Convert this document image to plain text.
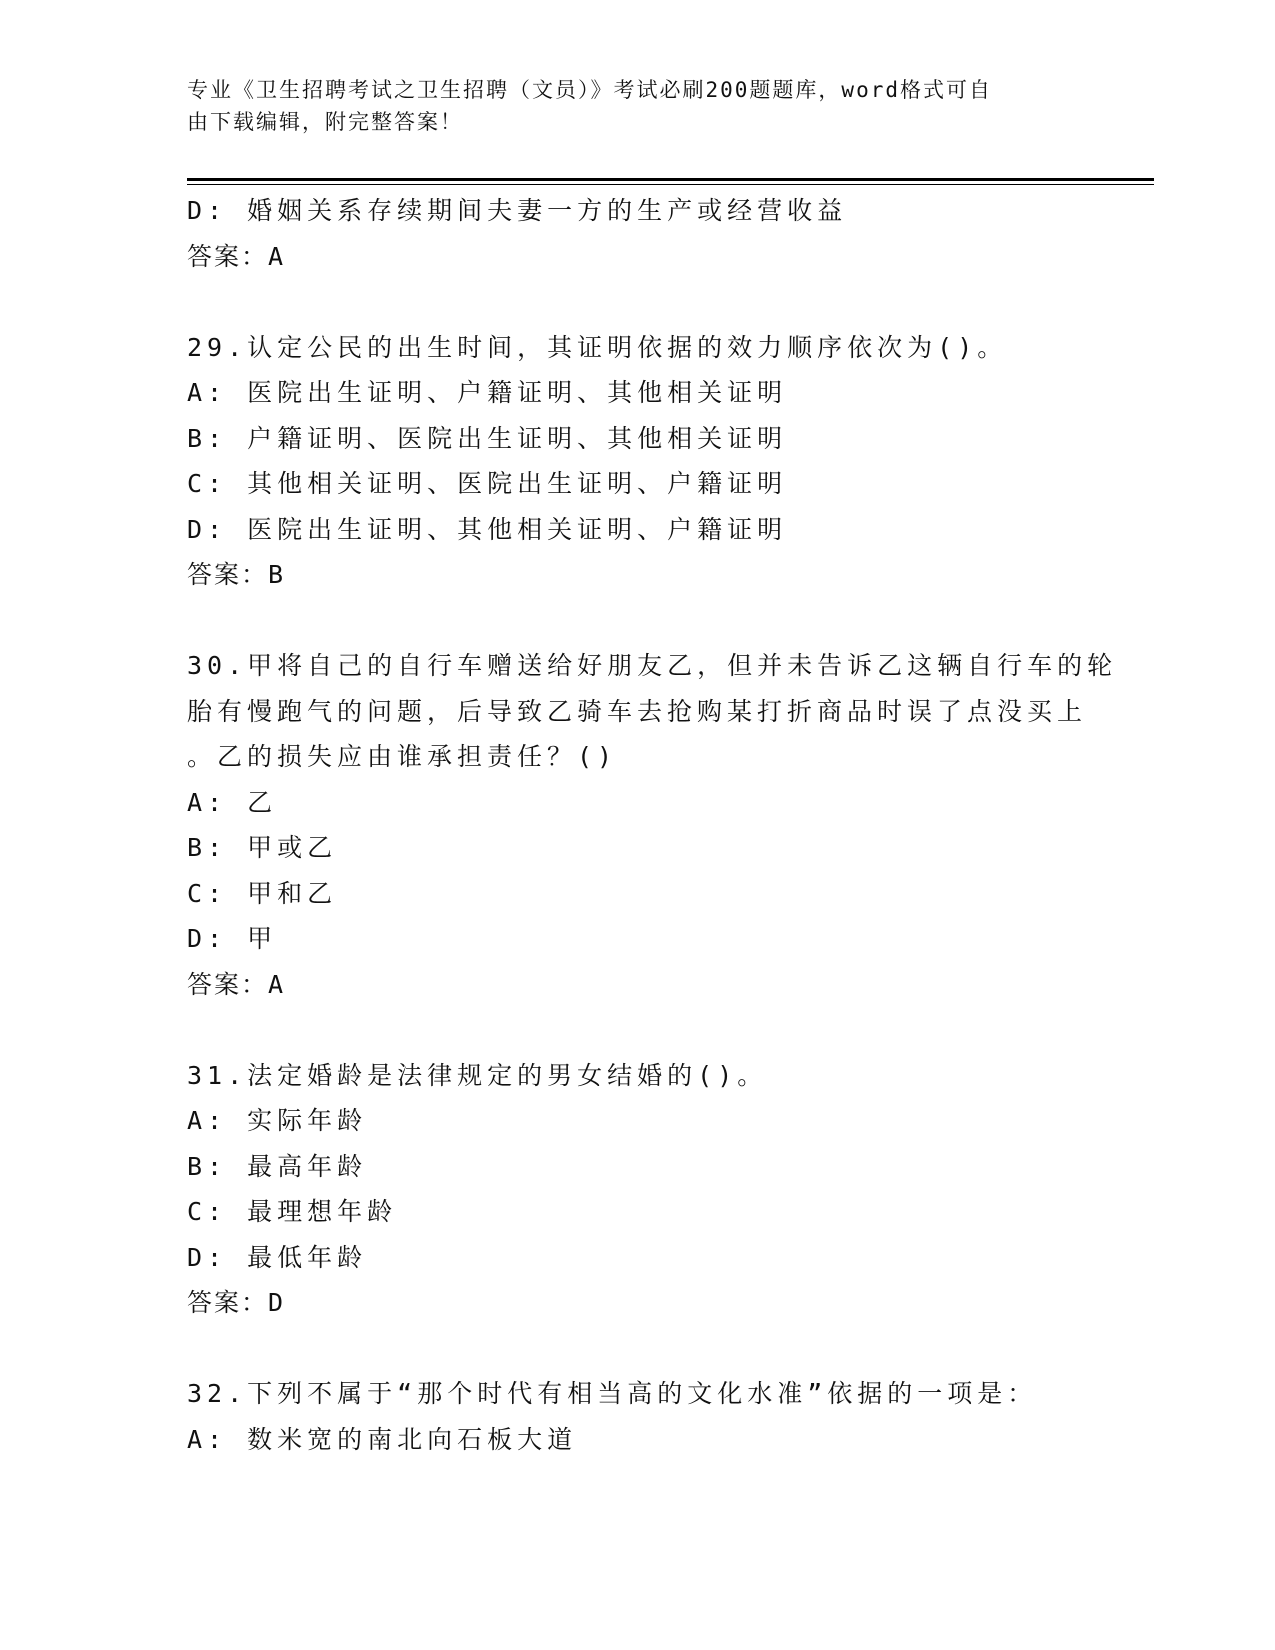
专业《卫生招聘考试之卫生招聘（文员）》考试必刷200题题库，word格式可自
由下载编辑，附完整答案！
D: 婚姻关系存续期间夫妻一方的生产或经营收益
答案：A
29.认定公民的出生时间，其证明依据的效力顺序依次为()。
A: 医院出生证明、户籍证明、其他相关证明
B: 户籍证明、医院出生证明、其他相关证明
C: 其他相关证明、医院出生证明、户籍证明
D: 医院出生证明、其他相关证明、户籍证明
答案：B
30.甲将自己的自行车赠送给好朋友乙，但并未告诉乙这辆自行车的轮
胎有慢跑气的问题，后导致乙骑车去抢购某打折商品时误了点没买上
。乙的损失应由谁承担责任？()
A: 乙
B: 甲或乙
C: 甲和乙
D: 甲
答案：A
31.法定婚龄是法律规定的男女结婚的()。
A: 实际年龄
B: 最高年龄
C: 最理想年龄
D: 最低年龄
答案：D
32.下列不属于“那个时代有相当高的文化水准”依据的一项是：
A: 数米宽的南北向石板大道
